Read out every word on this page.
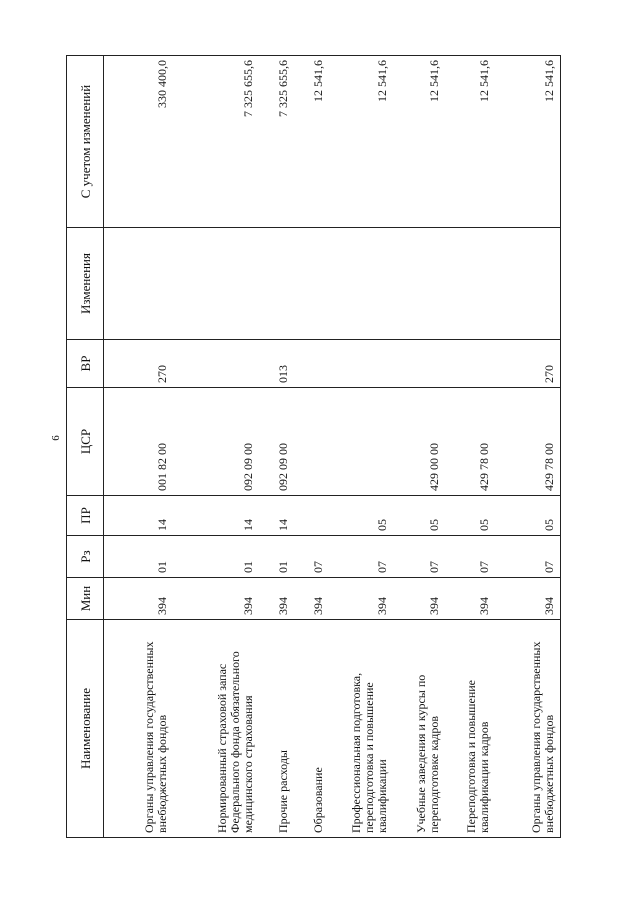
6
Наименование	Мин	Рз	ПР	ЦСР	ВР	Изменения	С учетом изменений
Органы управления государственных внебюджетных фондов	394	01	14	001 82 00	270		330 400,0
Нормированный страховой запас Федерального фонда обязательного медицинского страхования	394	01	14	092 09 00			7 325 655,6
Прочие расходы	394	01	14	092 09 00	013		7 325 655,6
Образование	394	07					12 541,6
Профессиональная подготовка, переподготовка и повышение квалификации	394	07	05				12 541,6
Учебные заведения и курсы по переподготовке кадров	394	07	05	429 00 00			12 541,6
Переподготовка и повышение квалификации кадров	394	07	05	429 78 00			12 541,6
Органы управления государственных внебюджетных фондов	394	07	05	429 78 00	270		12 541,6
